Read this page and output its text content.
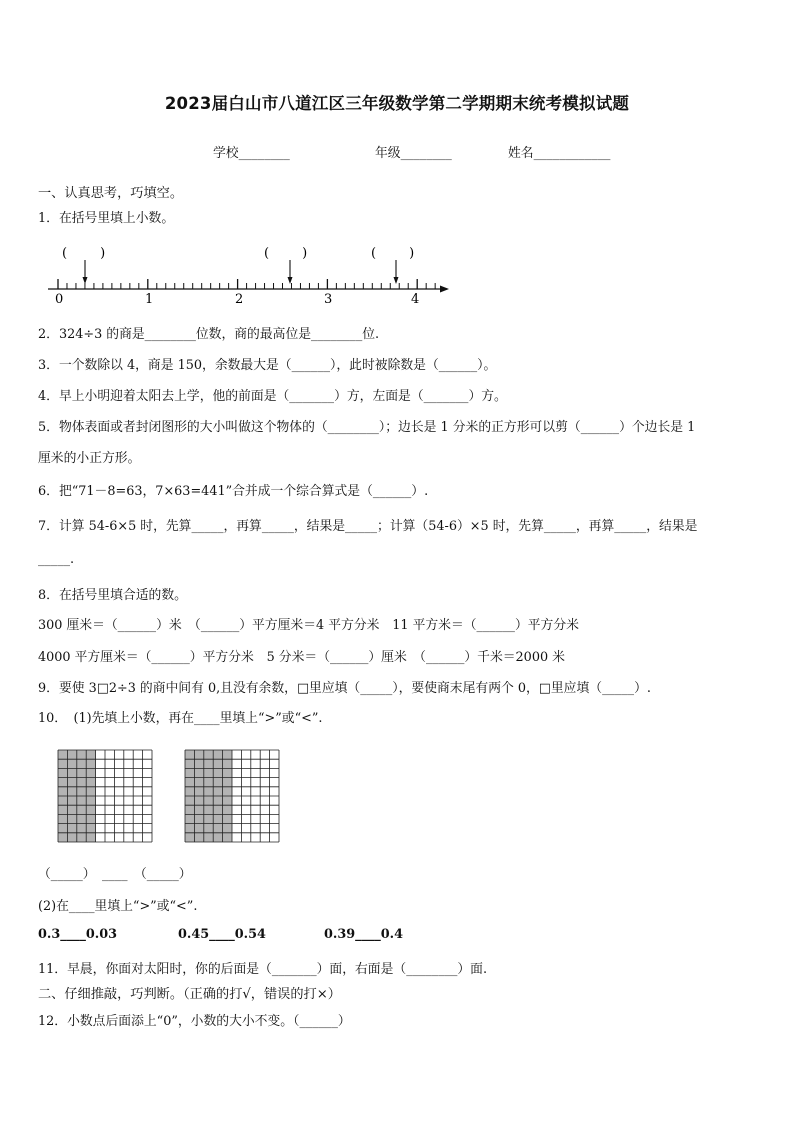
2023届白山市八道江区三年级数学第二学期期末统考模拟试题
学校________	年级________	姓名____________
一、认真思考，巧填空。
1．在括号里填上小数。
(        )	(        )	(        )
0	1	2	3	4
2．324÷3 的商是________位数，商的最高位是________位.
3．一个数除以 4，商是 150，余数最大是（______），此时被除数是（______）。
4．早上小明迎着太阳去上学，他的前面是（_______）方，左面是（_______）方。
5．物体表面或者封闭图形的大小叫做这个物体的（________）；边长是 1 分米的正方形可以剪（______）个边长是 1
厘米的小正方形。
6．把“71－8=63，7×63=441”合并成一个综合算式是（______）.
7．计算 54-6×5 时，先算_____，再算_____，结果是_____；计算（54-6）×5 时，先算_____，再算_____，结果是
_____.
8．在括号里填合适的数。
300 厘米＝（______）米　（______）平方厘米＝4 平方分米　11 平方米＝（______）平方分米
4000 平方厘米＝（______）平方分米　5 分米＝（______）厘米　（______）千米＝2000 米
9．要使 3□2÷3 的商中间有 0,且没有余数，□里应填（_____），要使商末尾有两个 0，□里应填（_____）.
10．　(1)先填上小数，再在____里填上“>”或“<”.
（_____）　____　（_____）
(2)在____里填上“>”或“<”.
0.3____0.03	0.45____0.54	0.39____0.4
11．早晨，你面对太阳时，你的后面是（_______）面，右面是（________）面.
二、仔细推敲，巧判断。（正确的打√，错误的打×）
12．小数点后面添上“0”，小数的大小不变。（______）
